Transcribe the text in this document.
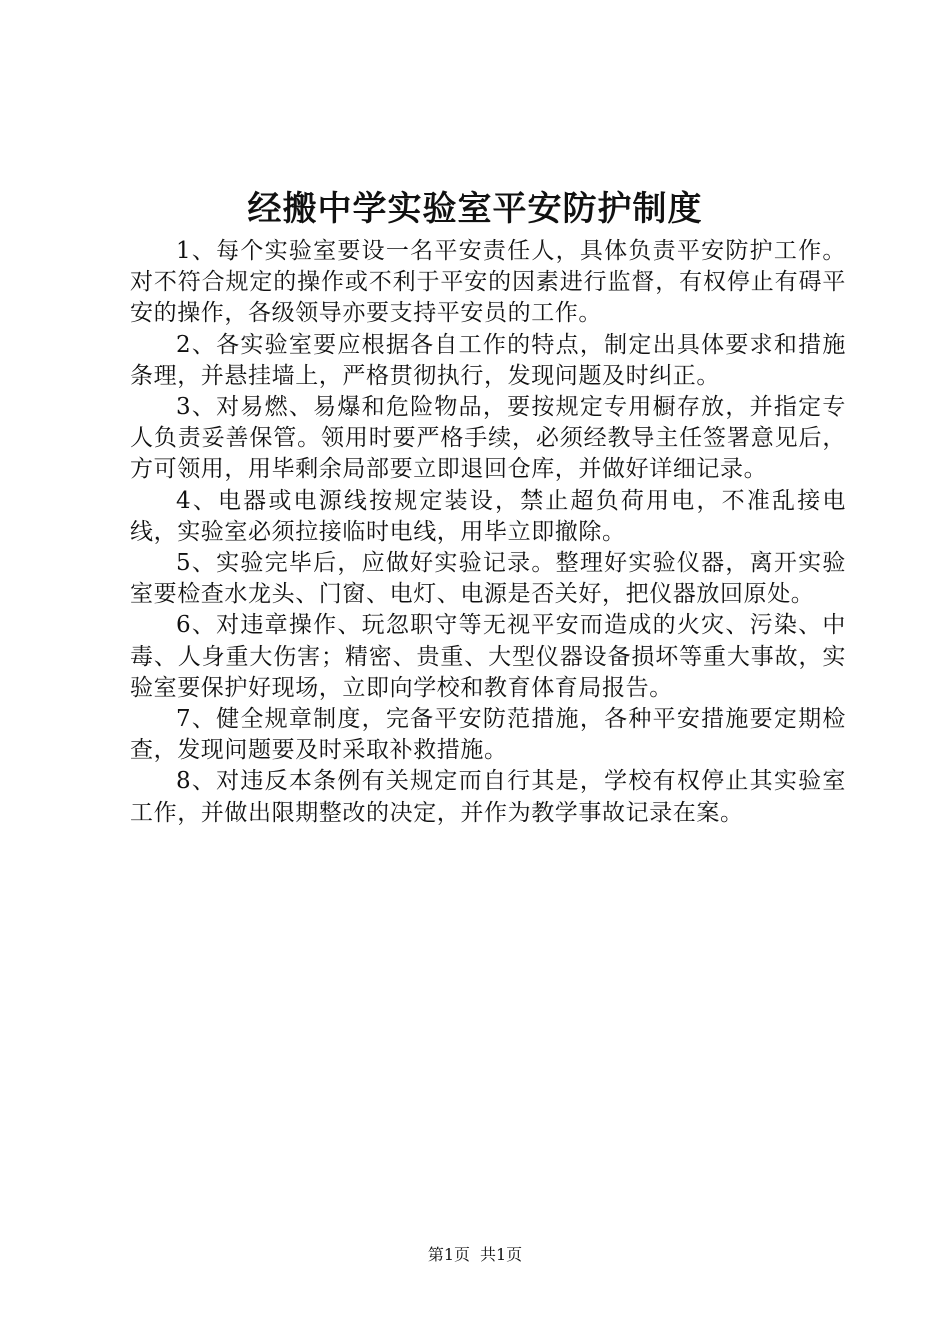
经搬中学实验室平安防护制度

1、每个实验室要设一名平安责任人，具体负责平安防护工作。对不符合规定的操作或不利于平安的因素进行监督，有权停止有碍平安的操作，各级领导亦要支持平安员的工作。

2、各实验室要应根据各自工作的特点，制定出具体要求和措施条理，并悬挂墙上，严格贯彻执行，发现问题及时纠正。

3、对易燃、易爆和危险物品，要按规定专用橱存放，并指定专人负责妥善保管。领用时要严格手续，必须经教导主任签署意见后，方可领用，用毕剩余局部要立即退回仓库，并做好详细记录。

4、电器或电源线按规定装设，禁止超负荷用电，不准乱接电线，实验室必须拉接临时电线，用毕立即撤除。

5、实验完毕后，应做好实验记录。整理好实验仪器，离开实验室要检查水龙头、门窗、电灯、电源是否关好，把仪器放回原处。

6、对违章操作、玩忽职守等无视平安而造成的火灾、污染、中毒、人身重大伤害；精密、贵重、大型仪器设备损坏等重大事故，实验室要保护好现场，立即向学校和教育体育局报告。

7、健全规章制度，完备平安防范措施，各种平安措施要定期检查，发现问题要及时采取补救措施。

8、对违反本条例有关规定而自行其是，学校有权停止其实验室工作，并做出限期整改的决定，并作为教学事故记录在案。

第1页 共1页
